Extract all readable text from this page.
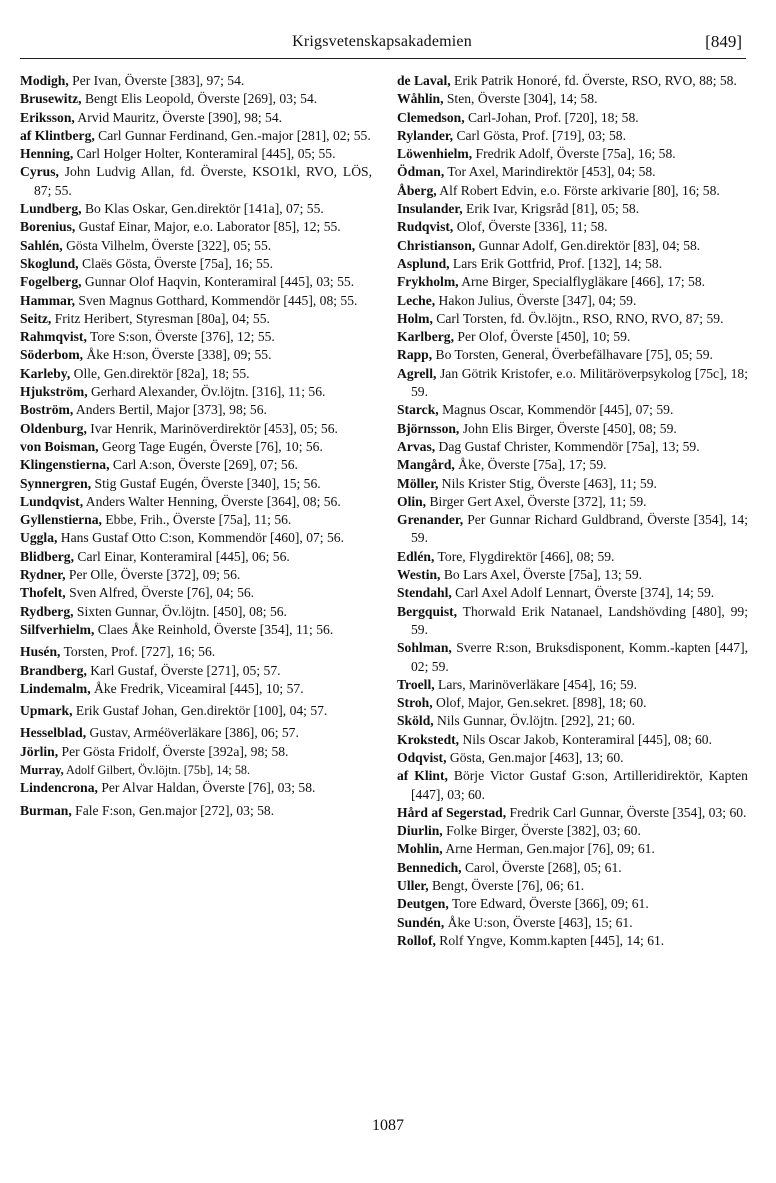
Krigsvetenskapsakademien	[849]

Modigh, Per Ivan, Överste [383], 97; 54.

Brusewitz, Bengt Elis Leopold, Överste [269], 03; 54.

Eriksson, Arvid Mauritz, Överste [390], 98; 54.

af Klintberg, Carl Gunnar Ferdinand, Gen.-major [281], 02; 55.

Henning, Carl Holger Holter, Konteramiral [445], 05; 55.

Cyrus, John Ludvig Allan, fd. Överste, KSO1kl, RVO, LÖS, 87; 55.

Lundberg, Bo Klas Oskar, Gen.direktör [141a], 07; 55.

Borenius, Gustaf Einar, Major, e.o. Laborator [85], 12; 55.

Sahlén, Gösta Vilhelm, Överste [322], 05; 55.

Skoglund, Claës Gösta, Överste [75a], 16; 55.

Fogelberg, Gunnar Olof Haqvin, Konteramiral [445], 03; 55.

Hammar, Sven Magnus Gotthard, Kommendör [445], 08; 55.

Seitz, Fritz Heribert, Styresman [80a], 04; 55.

Rahmqvist, Tore S:son, Överste [376], 12; 55.

Söderbom, Åke H:son, Överste [338], 09; 55.

Karleby, Olle, Gen.direktör [82a], 18; 55.

Hjukström, Gerhard Alexander, Öv.löjtn. [316], 11; 56.

Boström, Anders Bertil, Major [373], 98; 56.

Oldenburg, Ivar Henrik, Marinöverdirektör [453], 05; 56.

von Boisman, Georg Tage Eugén, Överste [76], 10; 56.

Klingenstierna, Carl A:son, Överste [269], 07; 56.

Synnergren, Stig Gustaf Eugén, Överste [340], 15; 56.

Lundqvist, Anders Walter Henning, Överste [364], 08; 56.

Gyllenstierna, Ebbe, Frih., Överste [75a], 11; 56.

Uggla, Hans Gustaf Otto C:son, Kommendör [460], 07; 56.

Blidberg, Carl Einar, Konteramiral [445], 06; 56.

Rydner, Per Olle, Överste [372], 09; 56.

Thofelt, Sven Alfred, Överste [76], 04; 56.

Rydberg, Sixten Gunnar, Öv.löjtn. [450], 08; 56.

Silfverhielm, Claes Åke Reinhold, Överste [354], 11; 56.

Husén, Torsten, Prof. [727], 16; 56.

Brandberg, Karl Gustaf, Överste [271], 05; 57.

Lindemalm, Åke Fredrik, Viceamiral [445], 10; 57.

Upmark, Erik Gustaf Johan, Gen.direktör [100], 04; 57.

Hesselblad, Gustav, Arméöverläkare [386], 06; 57.

Jörlin, Per Gösta Fridolf, Överste [392a], 98; 58.

Murray, Adolf Gilbert, Öv.löjtn. [75b], 14; 58.

Lindencrona, Per Alvar Haldan, Överste [76], 03; 58.

Burman, Fale F:son, Gen.major [272], 03; 58.

de Laval, Erik Patrik Honoré, fd. Överste, RSO, RVO, 88; 58.

Wåhlin, Sten, Överste [304], 14; 58.

Clemedson, Carl-Johan, Prof. [720], 18; 58.

Rylander, Carl Gösta, Prof. [719], 03; 58.

Löwenhielm, Fredrik Adolf, Överste [75a], 16; 58.

Ödman, Tor Axel, Marindirektör [453], 04; 58.

Åberg, Alf Robert Edvin, e.o. Förste arkivarie [80], 16; 58.

Insulander, Erik Ivar, Krigsråd [81], 05; 58.

Rudqvist, Olof, Överste [336], 11; 58.

Christianson, Gunnar Adolf, Gen.direktör [83], 04; 58.

Asplund, Lars Erik Gottfrid, Prof. [132], 14; 58.

Frykholm, Arne Birger, Specialflygläkare [466], 17; 58.

Leche, Hakon Julius, Överste [347], 04; 59.

Holm, Carl Torsten, fd. Öv.löjtn., RSO, RNO, RVO, 87; 59.

Karlberg, Per Olof, Överste [450], 10; 59.

Rapp, Bo Torsten, General, Överbefälhavare [75], 05; 59.

Agrell, Jan Götrik Kristofer, e.o. Militäröverpsykolog [75c], 18; 59.

Starck, Magnus Oscar, Kommendör [445], 07; 59.

Björnsson, John Elis Birger, Överste [450], 08; 59.

Arvas, Dag Gustaf Christer, Kommendör [75a], 13; 59.

Mangård, Åke, Överste [75a], 17; 59.

Möller, Nils Krister Stig, Överste [463], 11; 59.

Olin, Birger Gert Axel, Överste [372], 11; 59.

Grenander, Per Gunnar Richard Guldbrand, Överste [354], 14; 59.

Edlén, Tore, Flygdirektör [466], 08; 59.

Westin, Bo Lars Axel, Överste [75a], 13; 59.

Stendahl, Carl Axel Adolf Lennart, Överste [374], 14; 59.

Bergquist, Thorwald Erik Natanael, Landshövding [480], 99; 59.

Sohlman, Sverre R:son, Bruksdisponent, Komm.-kapten [447], 02; 59.

Troell, Lars, Marinöverläkare [454], 16; 59.

Stroh, Olof, Major, Gen.sekret. [898], 18; 60.

Sköld, Nils Gunnar, Öv.löjtn. [292], 21; 60.

Krokstedt, Nils Oscar Jakob, Konteramiral [445], 08; 60.

Odqvist, Gösta, Gen.major [463], 13; 60.

af Klint, Börje Victor Gustaf G:son, Artilleridirektör, Kapten [447], 03; 60.

Hård af Segerstad, Fredrik Carl Gunnar, Överste [354], 03; 60.

Diurlin, Folke Birger, Överste [382], 03; 60.

Mohlin, Arne Herman, Gen.major [76], 09; 61.

Bennedich, Carol, Överste [268], 05; 61.

Uller, Bengt, Överste [76], 06; 61.

Deutgen, Tore Edward, Överste [366], 09; 61.

Sundén, Åke U:son, Överste [463], 15; 61.

Rollof, Rolf Yngve, Komm.kapten [445], 14; 61.

1087
